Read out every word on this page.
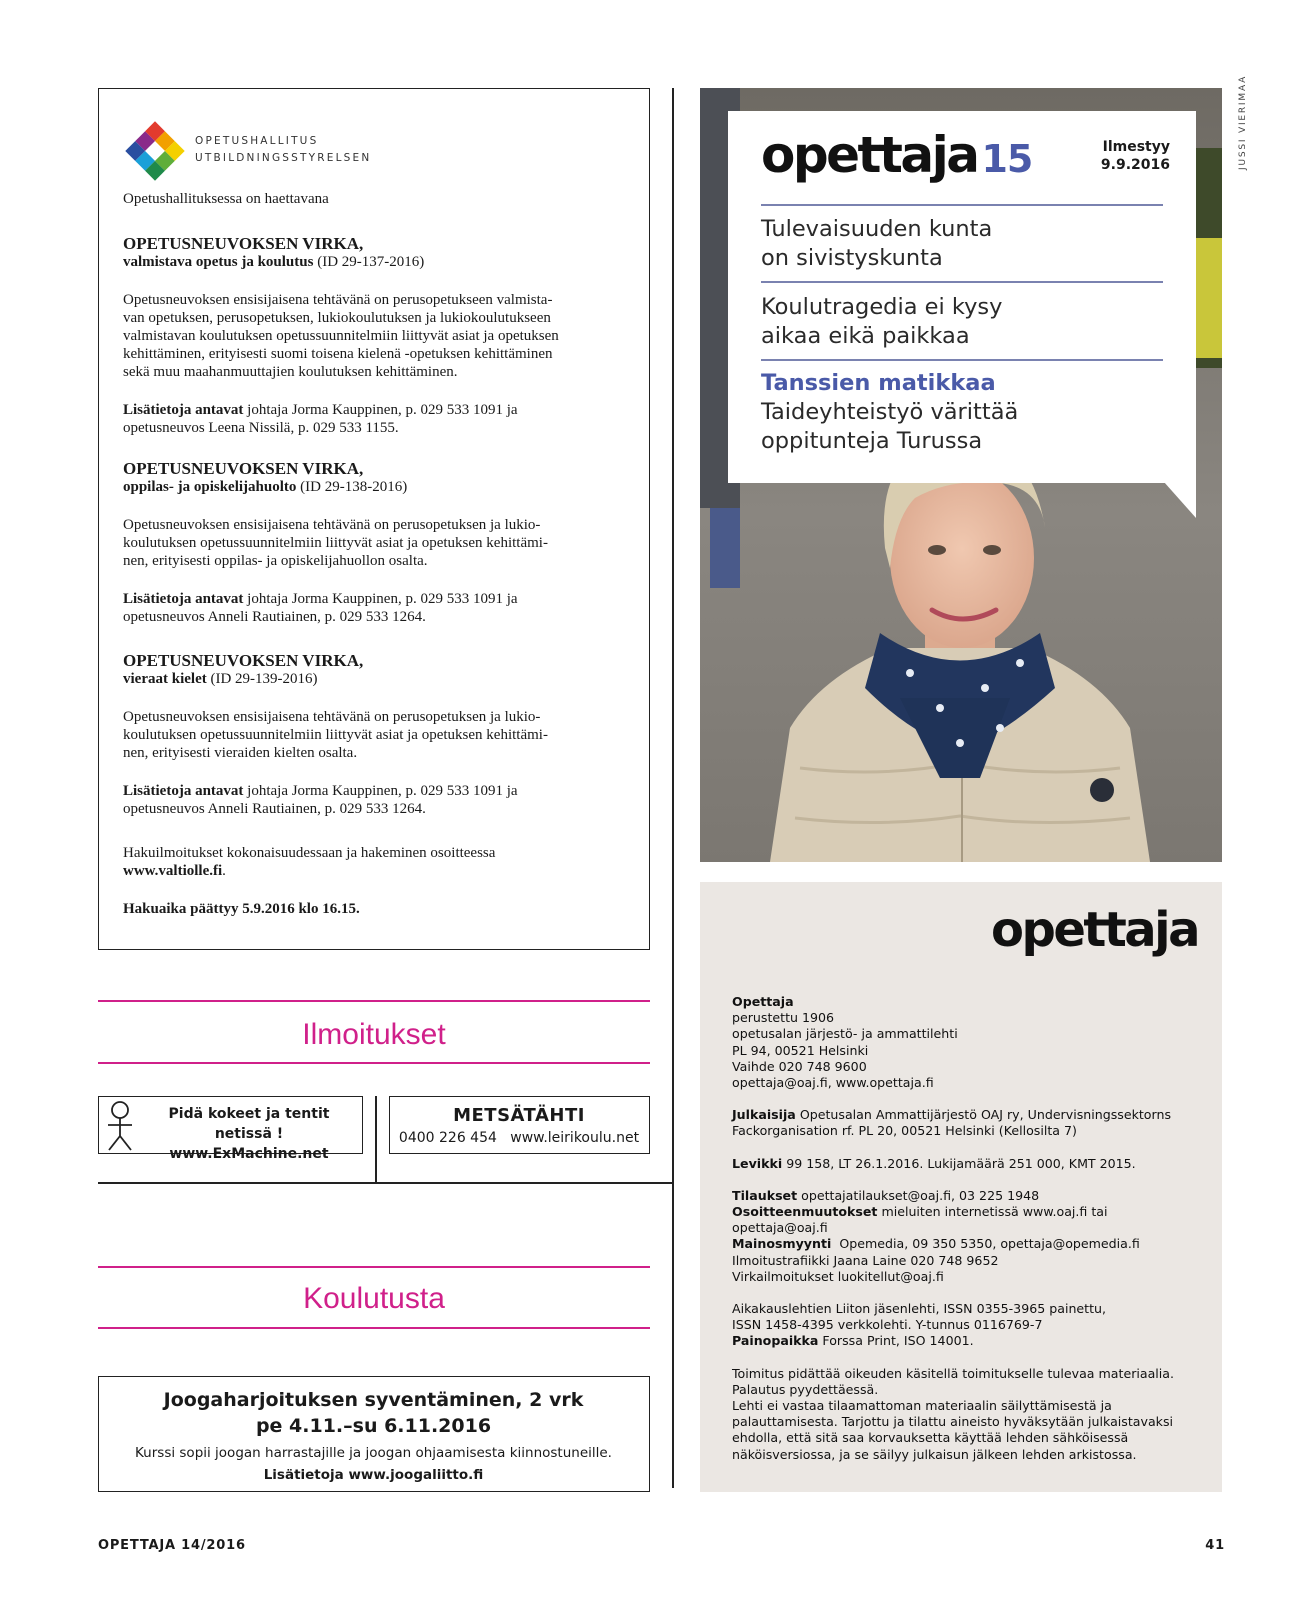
OPETUSHALLITUS
UTBILDNINGSSTYRELSEN
Opetushallituksessa on haettavana

OPETUSNEUVOKSEN VIRKA,

valmistava opetus ja koulutus (ID 29-137-2016)

Opetusneuvoksen ensisijaisena tehtävänä on perusopetukseen valmista-

van opetuksen, perusopetuksen, lukiokoulutuksen ja lukiokoulutukseen

valmistavan koulutuksen opetussuunnitelmiin liittyvät asiat ja opetuksen

kehittäminen, erityisesti suomi toisena kielenä -opetuksen kehittäminen

sekä muu maahanmuuttajien koulutuksen kehittäminen.

Lisätietoja antavat johtaja Jorma Kauppinen, p. 029 533 1091 ja

opetusneuvos Leena Nissilä, p. 029 533 1155.

OPETUSNEUVOKSEN VIRKA,

oppilas- ja opiskelijahuolto (ID 29-138-2016)

Opetusneuvoksen ensisijaisena tehtävänä on perusopetuksen ja lukio-

koulutuksen opetussuunnitelmiin liittyvät asiat ja opetuksen kehittämi-

nen, erityisesti oppilas- ja opiskelijahuollon osalta.

Lisätietoja antavat johtaja Jorma Kauppinen, p. 029 533 1091 ja

opetusneuvos Anneli Rautiainen, p. 029 533 1264.

OPETUSNEUVOKSEN VIRKA,

vieraat kielet (ID 29-139-2016)

Opetusneuvoksen ensisijaisena tehtävänä on perusopetuksen ja lukio-

koulutuksen opetussuunnitelmiin liittyvät asiat ja opetuksen kehittämi-

nen, erityisesti vieraiden kielten osalta.

Lisätietoja antavat johtaja Jorma Kauppinen, p. 029 533 1091 ja

opetusneuvos Anneli Rautiainen, p. 029 533 1264.

Hakuilmoitukset kokonaisuudessaan ja hakeminen osoitteessa

www.valtiolle.fi.

Hakuaika päättyy 5.9.2016 klo 16.15.

Ilmoitukset
Pidä kokeet ja tentit netissä !
www.ExMachine.net
METSÄTÄHTI
0400 226 454 www.leirikoulu.net
Koulutusta
Joogaharjoituksen syventäminen, 2 vrk
pe 4.11.–su 6.11.2016
Kurssi sopii joogan harrastajille ja joogan ohjaamisesta kiinnostuneille.
Lisätietoja www.joogaliitto.fi
JUSSI VIERIMAA
opettaja 15	Ilmestyy
9.9.2016
Tulevaisuuden kunta
on sivistyskunta
Koulutragedia ei kysy
aikaa eikä paikkaa
Tanssien matikkaa
Taideyhteistyö värittää
oppitunteja Turussa
opettaja

Opettaja

perustettu 1906

opetusalan järjestö- ja ammattilehti

PL 94, 00521 Helsinki

Vaihde 020 748 9600

opettaja@oaj.fi, www.opettaja.fi

Julkaisija Opetusalan Ammattijärjestö OAJ ry, Undervisningssektorns

Fackorganisation rf. PL 20, 00521 Helsinki (Kellosilta 7)

Levikki 99 158, LT 26.1.2016. Lukijamäärä 251 000, KMT 2015.

Tilaukset opettajatilaukset@oaj.fi, 03 225 1948

Osoitteenmuutokset mieluiten internetissä www.oaj.fi tai

opettaja@oaj.fi

Mainosmyynti Opemedia, 09 350 5350, opettaja@opemedia.fi

Ilmoitustrafiikki Jaana Laine 020 748 9652

Virkailmoitukset luokitellut@oaj.fi

Aikakauslehtien Liiton jäsenlehti, ISSN 0355-3965 painettu,

ISSN 1458-4395 verkkolehti. Y-tunnus 0116769-7

Painopaikka Forssa Print, ISO 14001.

Toimitus pidättää oikeuden käsitellä toimitukselle tulevaa materiaalia.

Palautus pyydettäessä.

Lehti ei vastaa tilaamattoman materiaalin säilyttämisestä ja

palauttamisesta. Tarjottu ja tilattu aineisto hyväksytään julkaistavaksi

ehdolla, että sitä saa korvauksetta käyttää lehden sähköisessä

näköisversiossa, ja se säilyy julkaisun jälkeen lehden arkistossa.

OPETTAJA 14/2016	41
